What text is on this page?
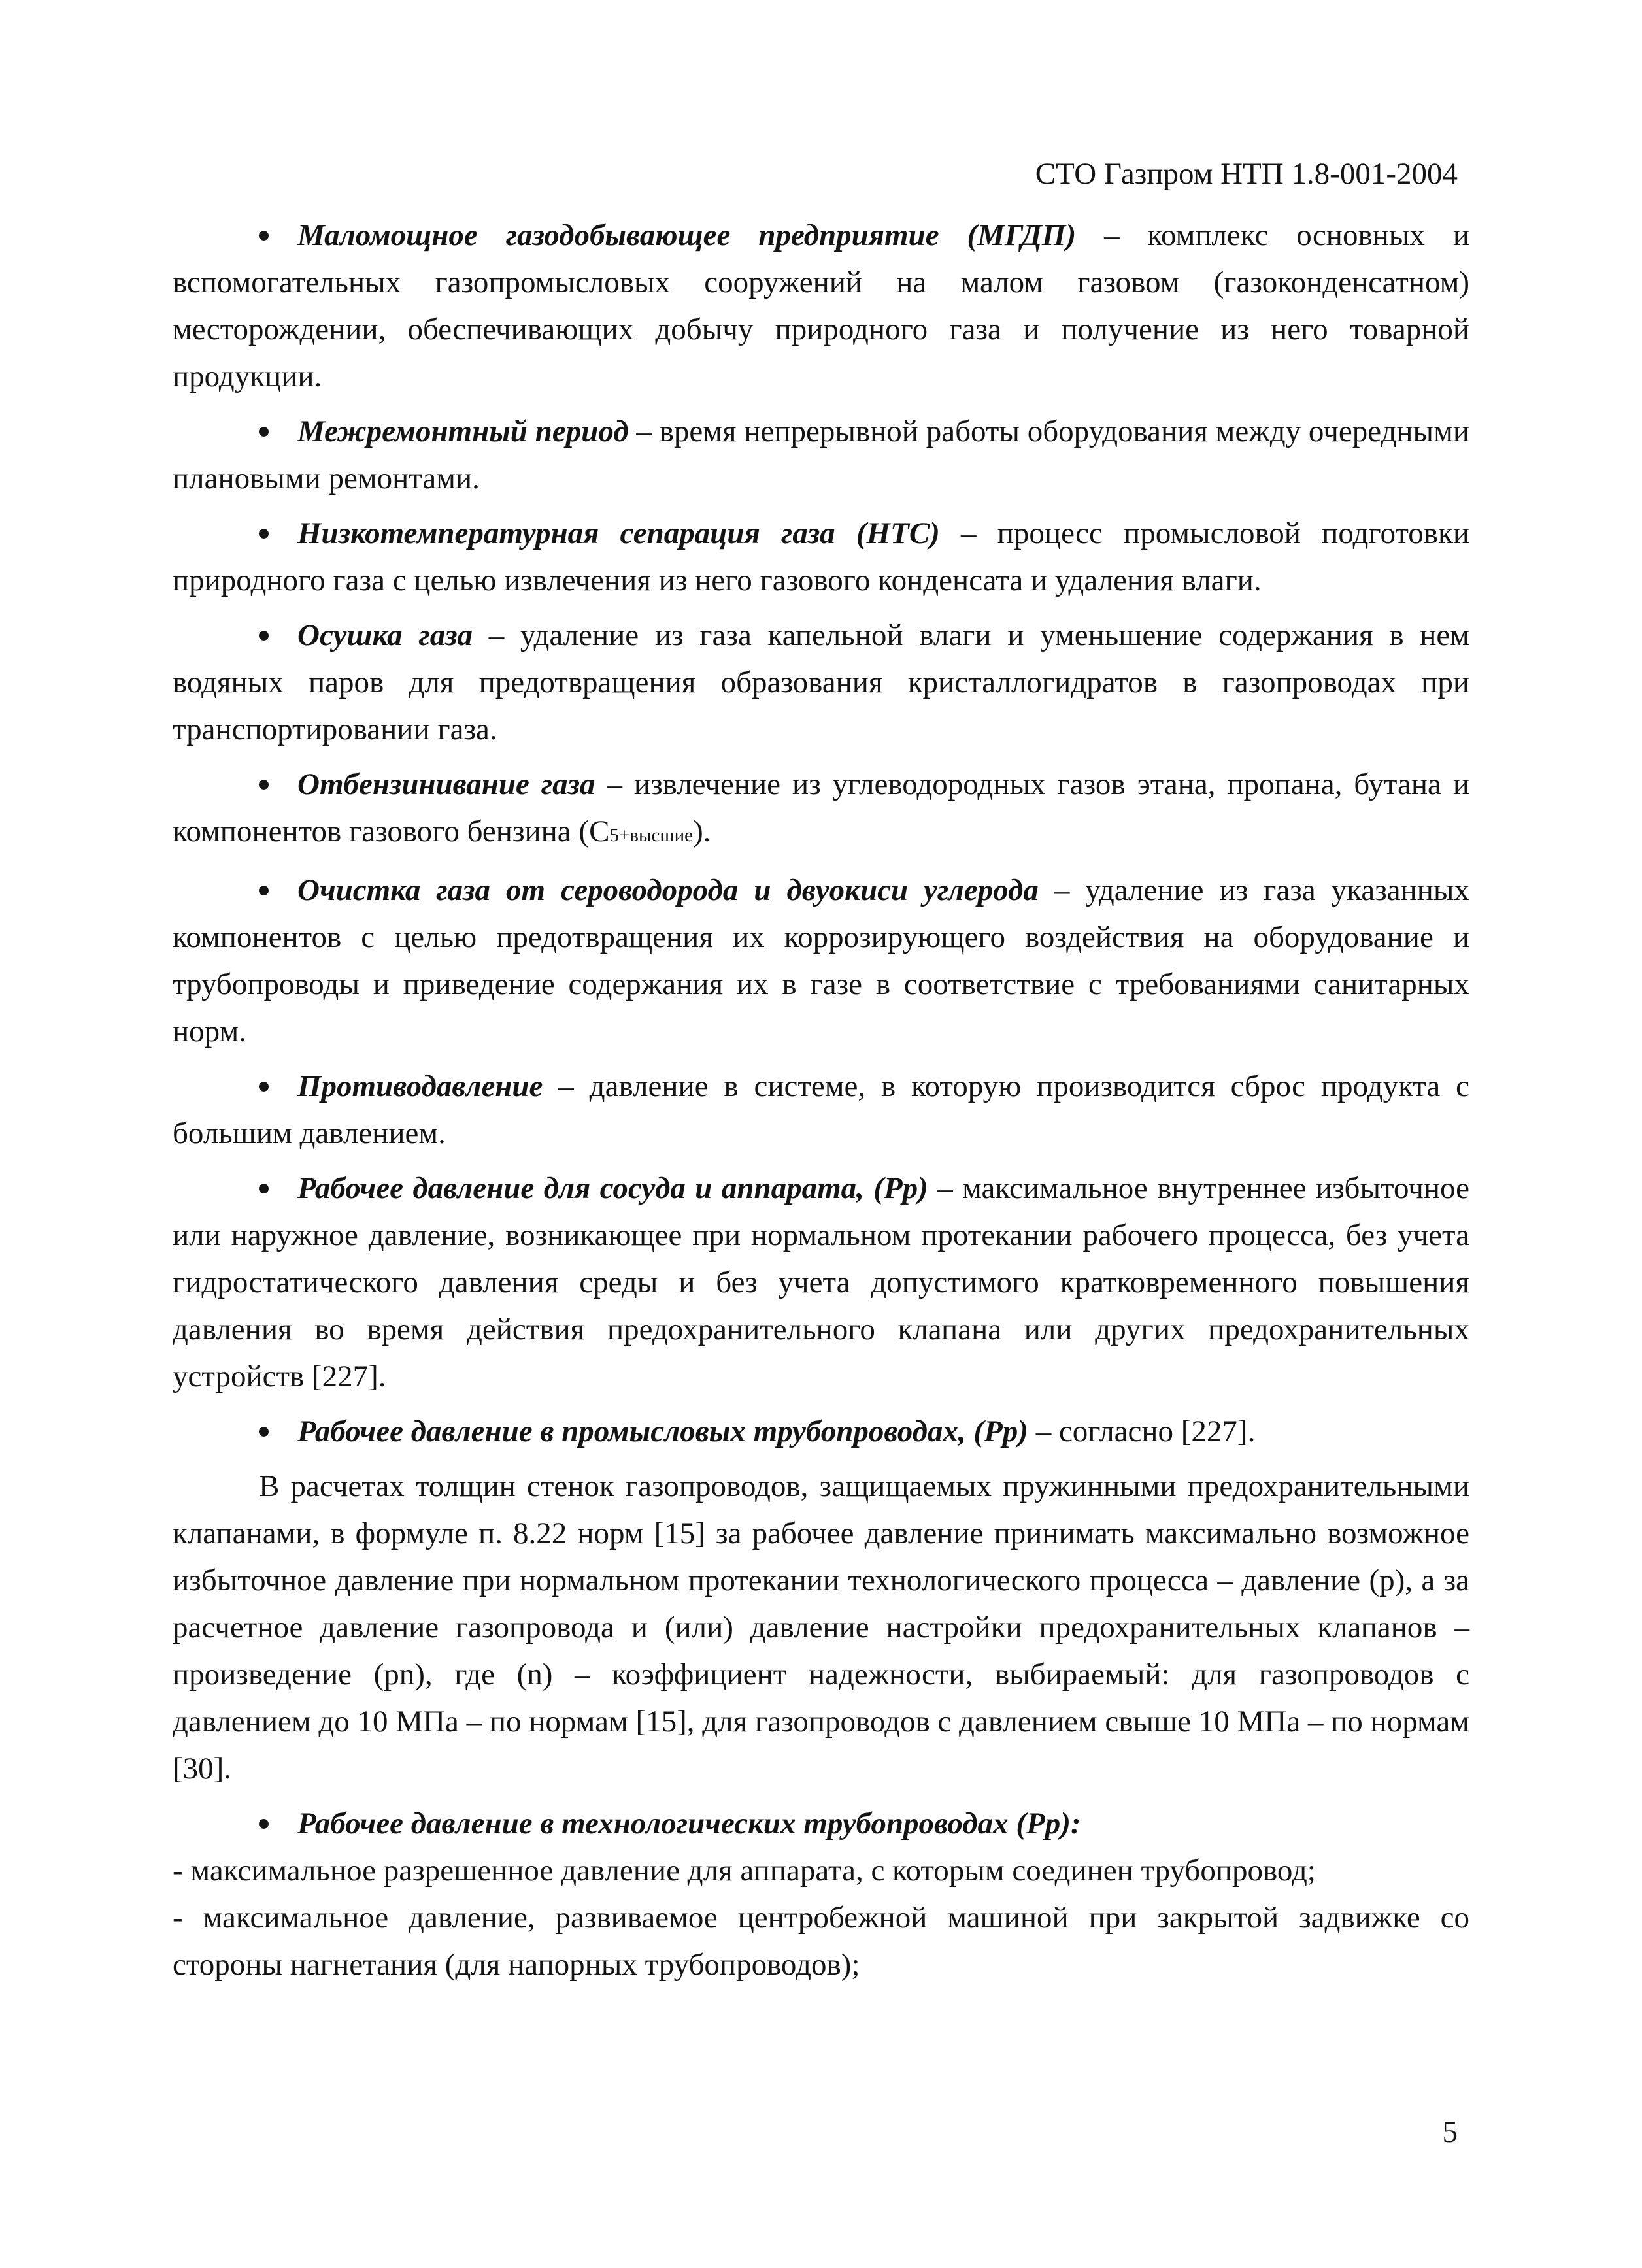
СТО Газпром НТП 1.8-001-2004

Маломощное газодобывающее предприятие (МГДП) – комплекс основных и вспомогательных газопромысловых сооружений на малом газовом (газоконденсатном) месторождении, обеспечивающих добычу природного газа и получение из него товарной продукции.

Межремонтный период – время непрерывной работы оборудования между очередными плановыми ремонтами.

Низкотемпературная сепарация газа (НТС) – процесс промысловой подготовки природного газа с целью извлечения из него газового конденсата и удаления влаги.

Осушка газа – удаление из газа капельной влаги и уменьшение содержания в нем водяных паров для предотвращения образования кристаллогидратов в газопроводах при транспортировании газа.

Отбензинивание газа – извлечение из углеводородных газов этана, пропана, бутана и компонентов газового бензина (С5+высшие).

Очистка газа от сероводорода и двуокиси углерода – удаление из газа указанных компонентов с целью предотвращения их коррозирующего воздействия на оборудование и трубопроводы и приведение содержания их в газе в соответствие с требованиями санитарных норм.

Противодавление – давление в системе, в которую производится сброс продукта с большим давлением.

Рабочее давление для сосуда и аппарата, (Рр) – максимальное внутреннее избыточное или наружное давление, возникающее при нормальном протекании рабочего процесса, без учета гидростатического давления среды и без учета допустимого кратковременного повышения давления во время действия предохранительного клапана или других предохранительных устройств [227].

Рабочее давление в промысловых трубопроводах, (Рр) – согласно [227].

В расчетах толщин стенок газопроводов, защищаемых пружинными предохранительными клапанами, в формуле п. 8.22 норм [15] за рабочее давление принимать максимально возможное избыточное давление при нормальном протекании технологического процесса – давление (р), а за расчетное давление газопровода и (или) давление настройки предохранительных клапанов – произведение (рn), где (n) – коэффициент надежности, выбираемый: для газопроводов с давлением до 10 МПа – по нормам [15], для газопроводов с давлением свыше 10 МПа – по нормам [30].

Рабочее давление в технологических трубопроводах (Рр):

- максимальное разрешенное давление для аппарата, с которым соединен трубопровод;

- максимальное давление, развиваемое центробежной машиной при закрытой задвижке со стороны нагнетания (для напорных трубопроводов);

5
